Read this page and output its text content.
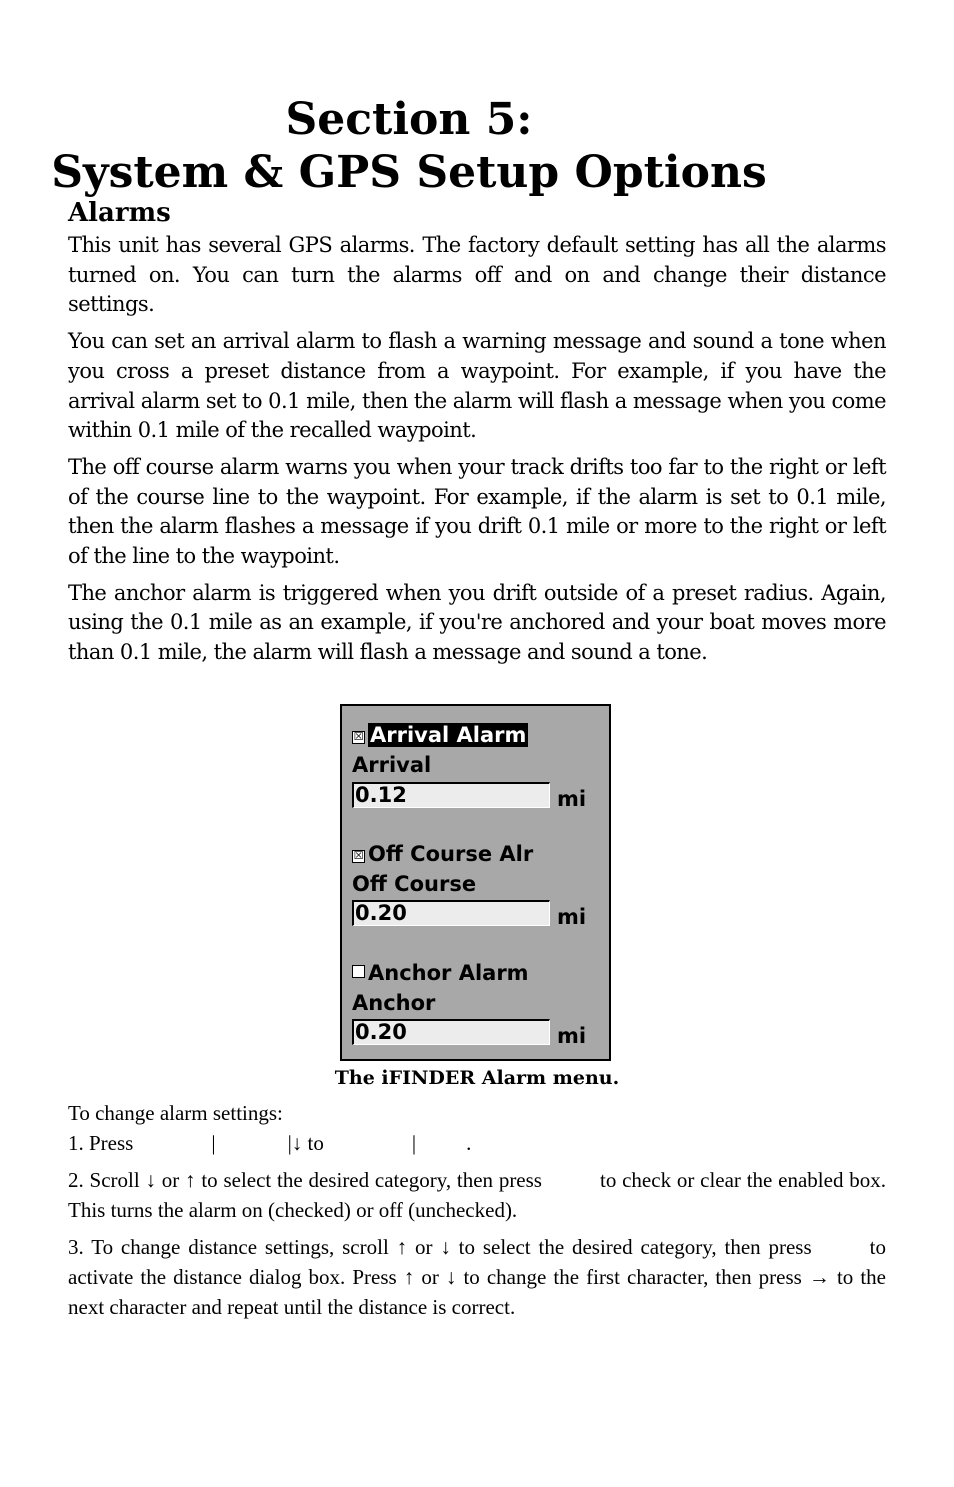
Section 5:
System & GPS Setup Options
Alarms

This unit has several GPS alarms. The factory default setting has all the alarms turned on. You can turn the alarms off and on and change their distance settings.

You can set an arrival alarm to flash a warning message and sound a tone when you cross a preset distance from a waypoint. For example, if you have the arrival alarm set to 0.1 mile, then the alarm will flash a message when you come within 0.1 mile of the recalled waypoint.

The off course alarm warns you when your track drifts too far to the right or left of the course line to the waypoint. For example, if the alarm is set to 0.1 mile, then the alarm flashes a message if you drift 0.1 mile or more to the right or left of the line to the waypoint.

The anchor alarm is triggered when you drift outside of a preset radius. Again, using the 0.1 mile as an example, if you're anchored and your boat moves more than 0.1 mile, the alarm will flash a message and sound a tone.

☒ Arrival Alarm
Arrival
0.12	mi
☒ Off Course Alr
Off Course
0.20	mi
Anchor Alarm
Anchor
0.20	mi
The iFINDER Alarm menu.

To change alarm settings:

1. Press	|	|↓ to	| .

2. Scroll ↓ or ↑ to select the desired category, then press	to check or clear the enabled box. This turns the alarm on (checked) or off (unchecked).

3. To change distance settings, scroll ↑ or ↓ to select the desired category, then press	to activate the distance dialog box. Press ↑ or ↓ to change the first character, then press → to the next character and repeat until the distance is correct.
